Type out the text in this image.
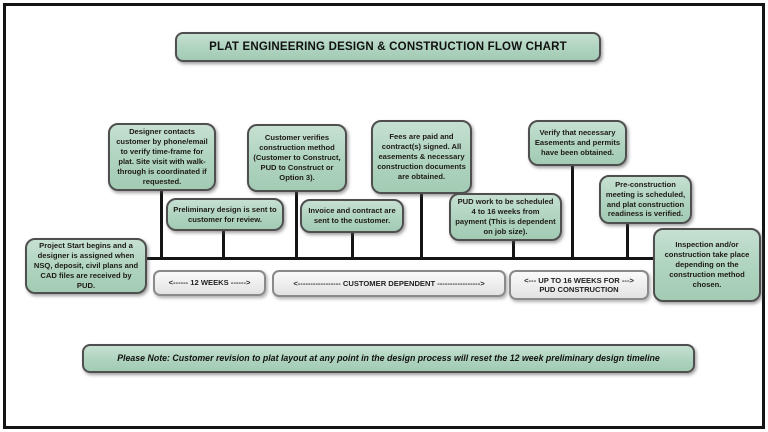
PLAT ENGINEERING DESIGN & CONSTRUCTION FLOW CHART
Project Start begins and a designer is assigned when NSQ, deposit, civil plans and CAD files are received by PUD.
Designer contacts customer by phone/email to verify time-frame for plat. Site visit with walk-through is coordinated if requested.
Preliminary design is sent to customer for review.
Customer verifies construction method (Customer to Construct, PUD to Construct or Option 3).
Invoice and contract are sent to the customer.
Fees are paid and contract(s) signed. All easements & necessary construction documents are obtained.
PUD work to be scheduled 4 to 16 weeks from payment (This is dependent on job size).
Verify that necessary Easements and permits have been obtained.
Pre-construction meeting is scheduled, and plat construction readiness is verified.
Inspection and/or construction take place depending on the construction method chosen.
<------ 12 WEEKS ------>	<----------------- CUSTOMER DEPENDENT ----------------->	<--- UP TO 16 WEEKS FOR --->
PUD CONSTRUCTION
Please Note: Customer revision to plat layout at any point in the design process will reset the 12 week preliminary design timeline
